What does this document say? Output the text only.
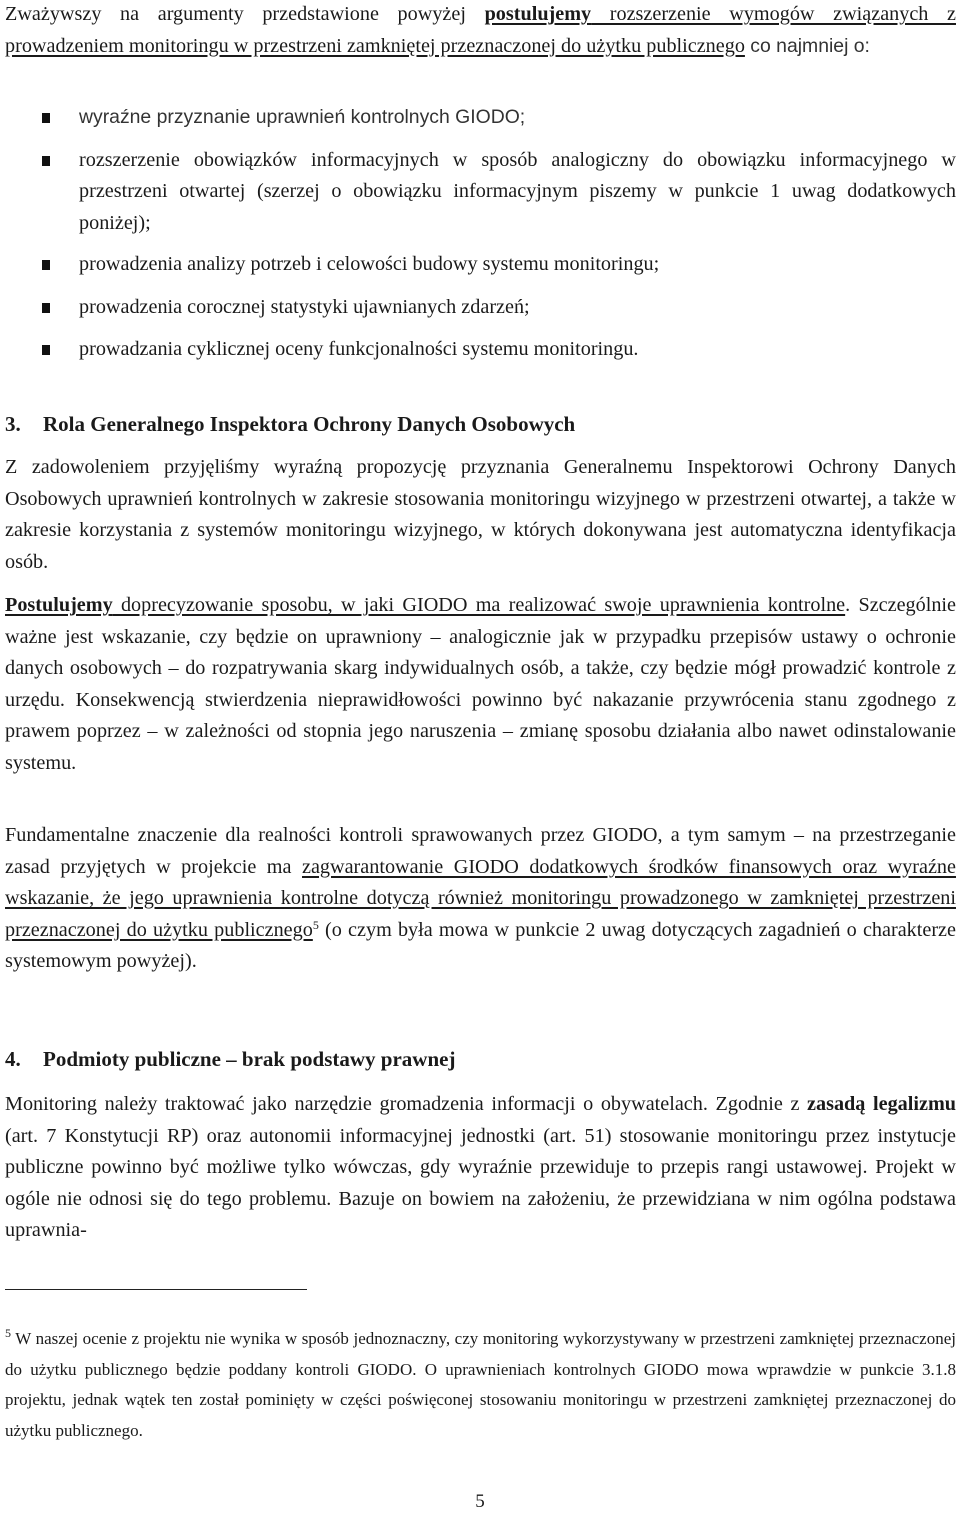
Zważywszy na argumenty przedstawione powyżej postulujemy rozszerzenie wymogów związanych z prowadzeniem monitoringu w przestrzeni zamkniętej przeznaczonej do użytku publicznego co najmniej o:

wyraźne przyznanie uprawnień kontrolnych GIODO;
rozszerzenie obowiązków informacyjnych w sposób analogiczny do obowiązku informacyjnego w przestrzeni otwartej (szerzej o obowiązku informacyjnym piszemy w punkcie 1 uwag dodatkowych poniżej);
prowadzenia analizy potrzeb i celowości budowy systemu monitoringu;
prowadzenia corocznej statystyki ujawnianych zdarzeń;
prowadzania cyklicznej oceny funkcjonalności systemu monitoringu.
3. Rola Generalnego Inspektora Ochrony Danych Osobowych

Z zadowoleniem przyjęliśmy wyraźną propozycję przyznania Generalnemu Inspektorowi Ochrony Danych Osobowych uprawnień kontrolnych w zakresie stosowania monitoringu wizyjnego w przestrzeni otwartej, a także w zakresie korzystania z systemów monitoringu wizyjnego, w których dokonywana jest automatyczna identyfikacja osób.

Postulujemy doprecyzowanie sposobu, w jaki GIODO ma realizować swoje uprawnienia kontrolne. Szczególnie ważne jest wskazanie, czy będzie on uprawniony – analogicznie jak w przypadku przepisów ustawy o ochronie danych osobowych – do rozpatrywania skarg indywidualnych osób, a także, czy będzie mógł prowadzić kontrole z urzędu. Konsekwencją stwierdzenia nieprawidłowości powinno być nakazanie przywrócenia stanu zgodnego z prawem poprzez – w zależności od stopnia jego naruszenia – zmianę sposobu działania albo nawet odinstalowanie systemu.

Fundamentalne znaczenie dla realności kontroli sprawowanych przez GIODO, a tym samym – na przestrzeganie zasad przyjętych w projekcie ma zagwarantowanie GIODO dodatkowych środków finansowych oraz wyraźne wskazanie, że jego uprawnienia kontrolne dotyczą również monitoringu prowadzonego w zamkniętej przestrzeni przeznaczonej do użytku publicznego$^5$ (o czym była mowa w punkcie 2 uwag dotyczących zagadnień o charakterze systemowym powyżej).

4. Podmioty publiczne – brak podstawy prawnej

Monitoring należy traktować jako narzędzie gromadzenia informacji o obywatelach. Zgodnie z zasadą legalizmu (art. 7 Konstytucji RP) oraz autonomii informacyjnej jednostki (art. 51) stosowanie monitoringu przez instytucje publiczne powinno być możliwe tylko wówczas, gdy wyraźnie przewiduje to przepis rangi ustawowej. Projekt w ogóle nie odnosi się do tego problemu. Bazuje on bowiem na założeniu, że przewidziana w nim ogólna podstawa uprawnia-

$^5$ W naszej ocenie z projektu nie wynika w sposób jednoznaczny, czy monitoring wykorzystywany w przestrzeni zamkniętej przeznaczonej do użytku publicznego będzie poddany kontroli GIODO. O uprawnieniach kontrolnych GIODO mowa wprawdzie w punkcie 3.1.8 projektu, jednak wątek ten został pominięty w części poświęconej stosowaniu monitoringu w przestrzeni zamkniętej przeznaczonej do użytku publicznego.

5
